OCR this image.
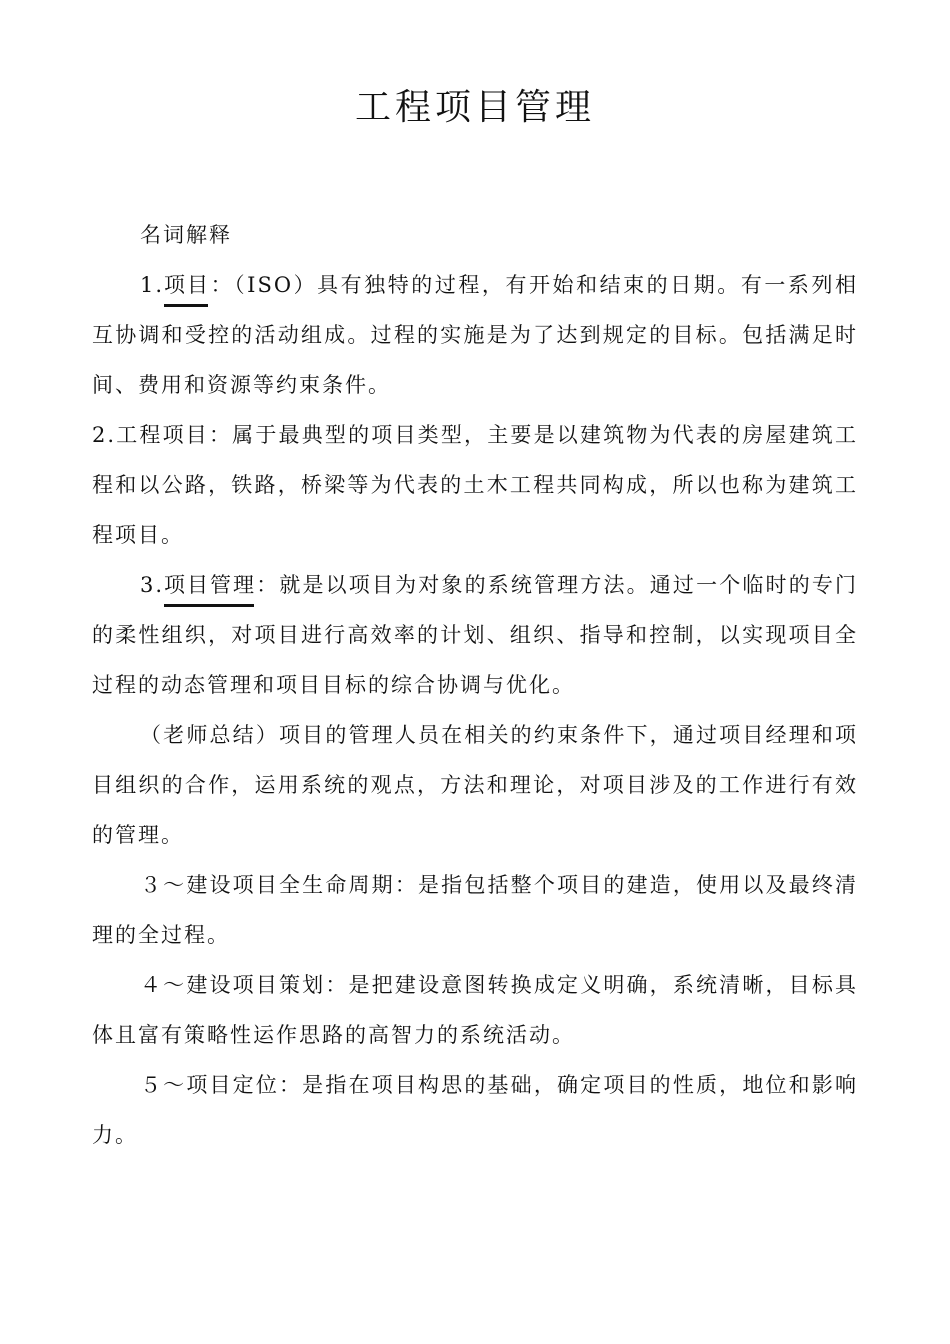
工程项目管理

名词解释

1.项目：（ISO）具有独特的过程，有开始和结束的日期。有一系列相互协调和受控的活动组成。过程的实施是为了达到规定的目标。包括满足时间、费用和资源等约束条件。

2.工程项目：属于最典型的项目类型，主要是以建筑物为代表的房屋建筑工程和以公路，铁路，桥梁等为代表的土木工程共同构成，所以也称为建筑工程项目。

3.项目管理：就是以项目为对象的系统管理方法。通过一个临时的专门的柔性组织，对项目进行高效率的计划、组织、指导和控制，以实现项目全过程的动态管理和项目目标的综合协调与优化。

（老师总结）项目的管理人员在相关的约束条件下，通过项目经理和项目组织的合作，运用系统的观点，方法和理论，对项目涉及的工作进行有效的管理。

３～建设项目全生命周期：是指包括整个项目的建造，使用以及最终清理的全过程。

４～建设项目策划：是把建设意图转换成定义明确，系统清晰，目标具体且富有策略性运作思路的高智力的系统活动。

５～项目定位：是指在项目构思的基础，确定项目的性质，地位和影响力。
